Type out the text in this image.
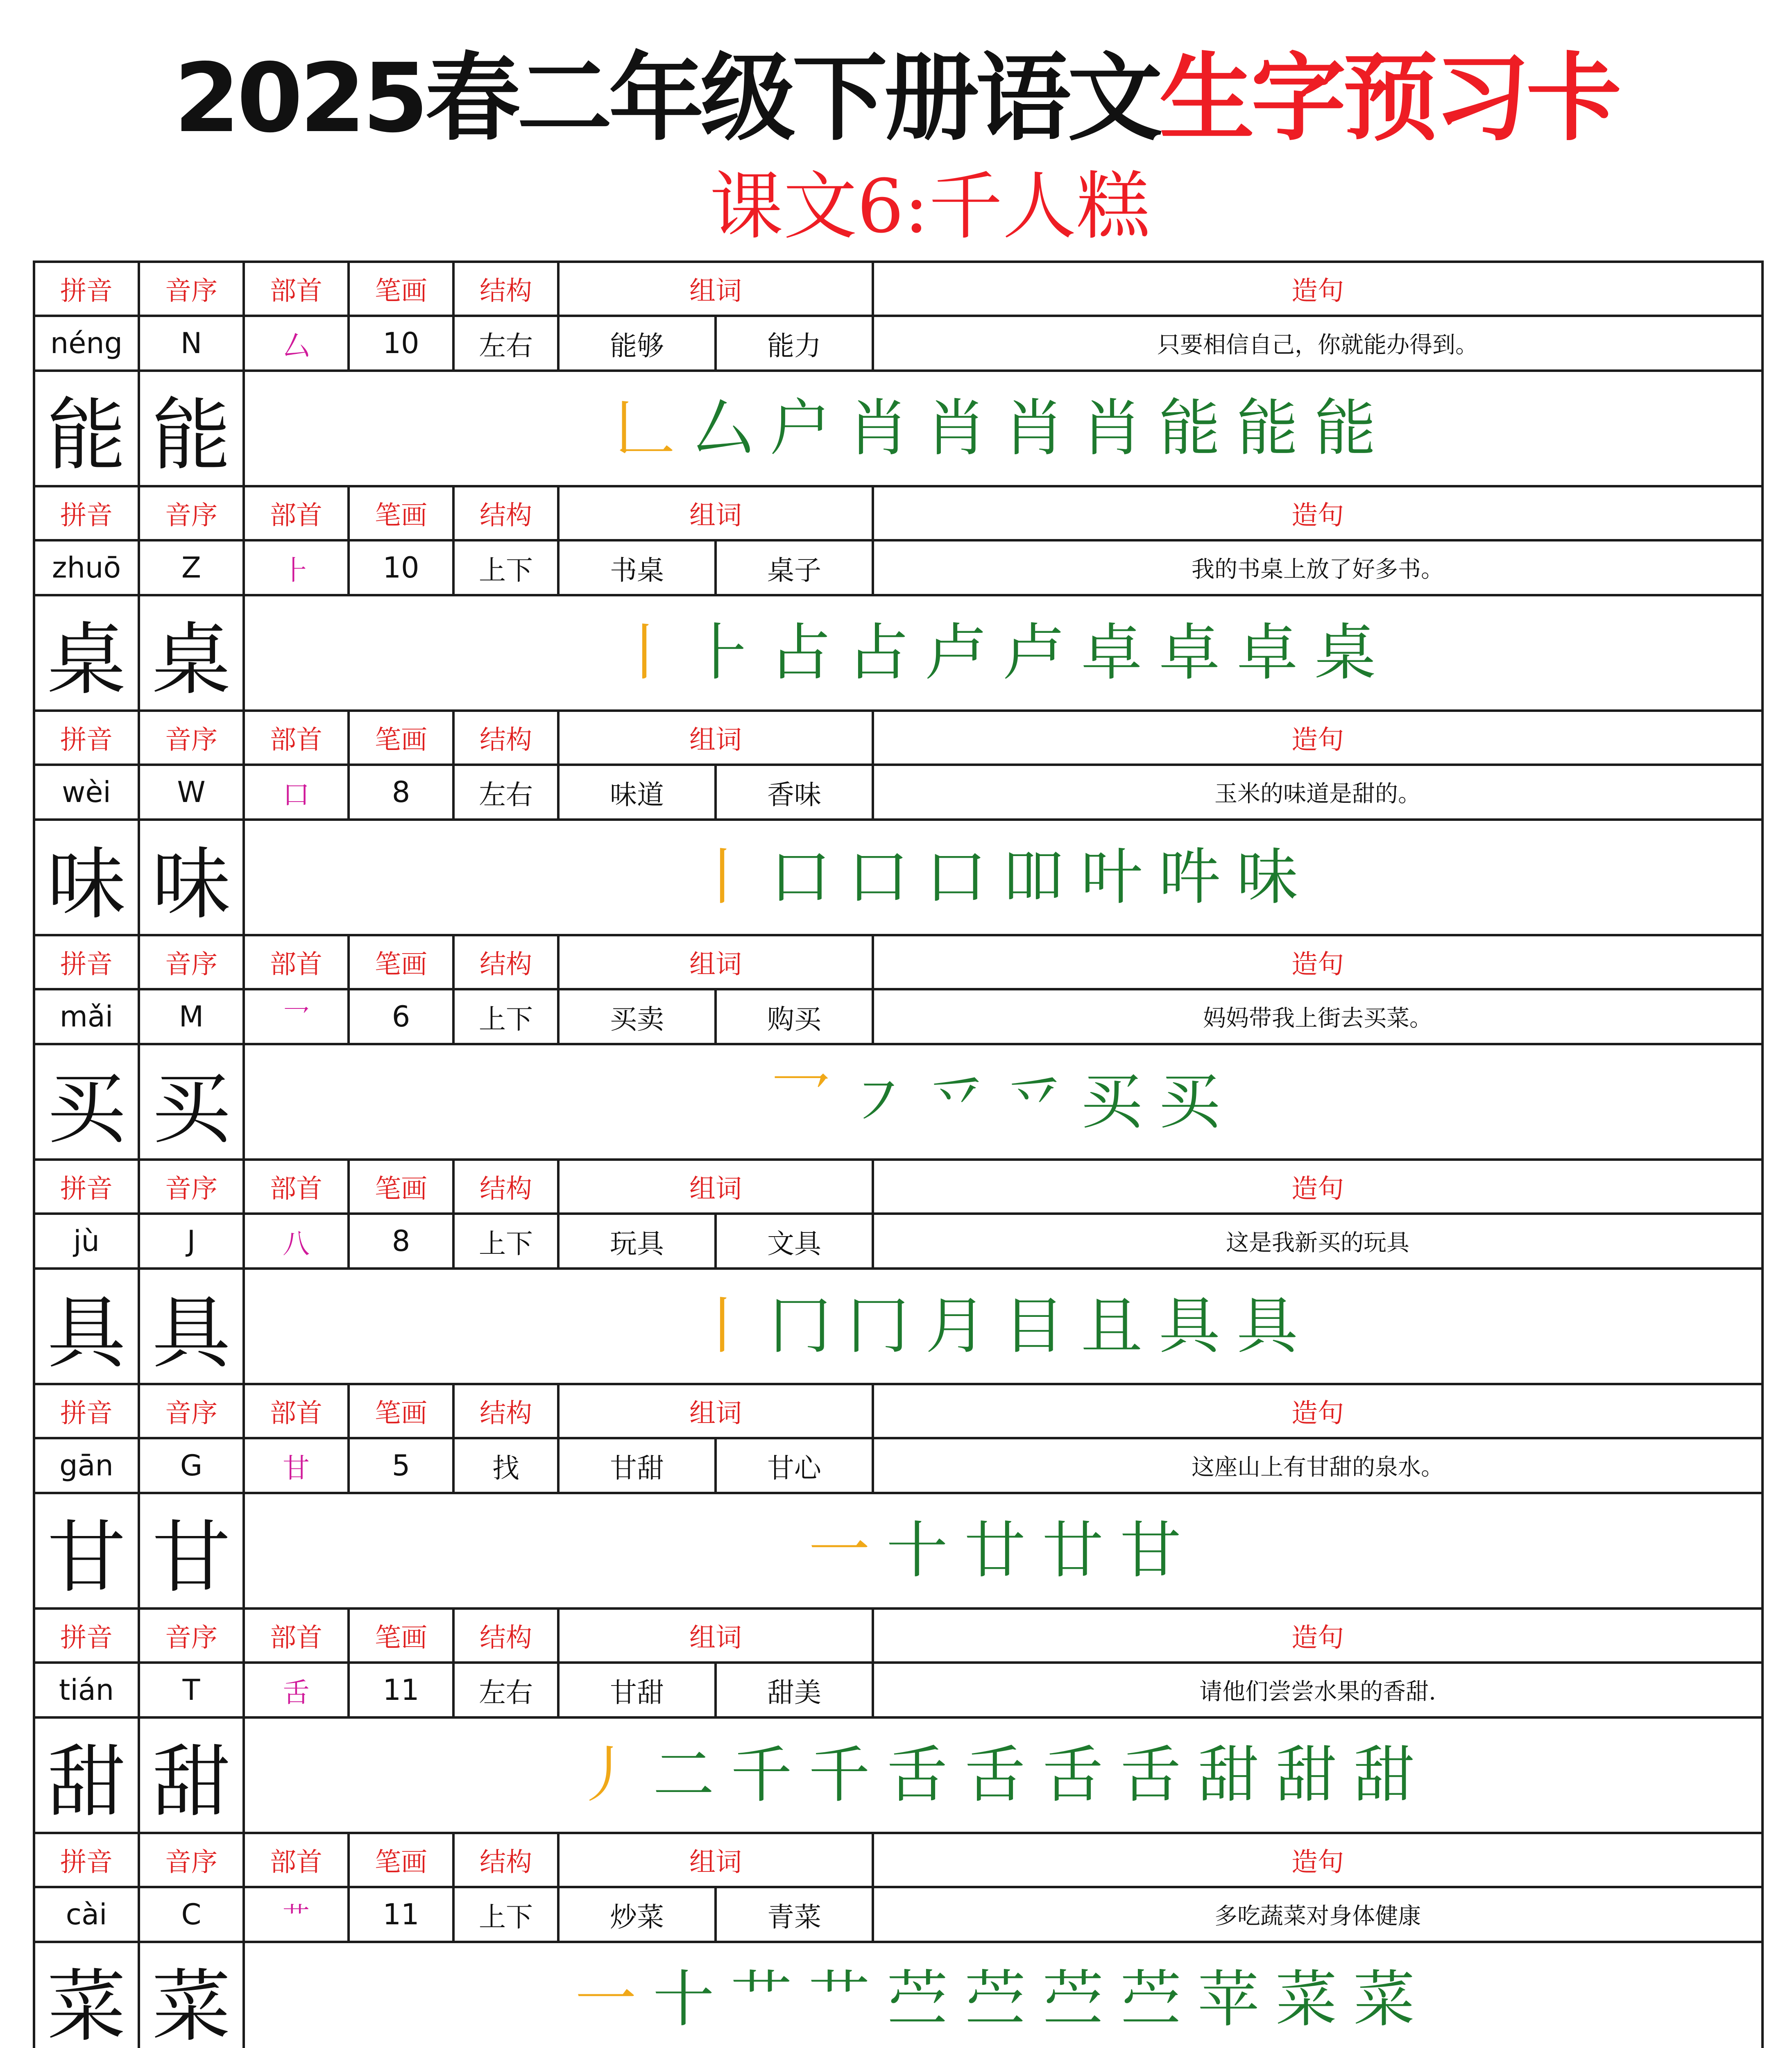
2025春二年级下册语文生字预习卡
课文6:千人糕
拼音	音序	部首	笔画	结构	组词		造句
néng	N	厶	10	左右	能够	能力	只要相信自己，你就能办得到。
能	能	𠃊 厶 户 肖 肖 肖 肖 能 能 能					
拼音	音序	部首	笔画	结构	组词		造句
zhuō	Z	⺊	10	上下	书桌	桌子	我的书桌上放了好多书。
桌	桌	丨 ⺊ 占 占 卢 卢 卓 卓 卓 桌					
拼音	音序	部首	笔画	结构	组词		造句
wèi	W	口	8	左右	味道	香味	玉米的味道是甜的。
味	味	丨 口 口 口 吅 叶 吽 味					
拼音	音序	部首	笔画	结构	组词		造句
mǎi	M	乛	6	上下	买卖	购买	妈妈带我上街去买菜。
买	买	乛 ㇇ 乊 乊 买 买					
拼音	音序	部首	笔画	结构	组词		造句
jù	J	八	8	上下	玩具	文具	这是我新买的玩具
具	具	丨 冂 冂 月 目 且 具 具					
拼音	音序	部首	笔画	结构	组词		造句
gān	G	甘	5	找	甘甜	甘心	这座山上有甘甜的泉水。
甘	甘	一 十 廿 廿 甘					
拼音	音序	部首	笔画	结构	组词		造句
tián	T	舌	11	左右	甘甜	甜美	请他们尝尝水果的香甜.
甜	甜	丿 二 千 千 舌 舌 舌 舌 甜 甜 甜					
拼音	音序	部首	笔画	结构	组词		造句
cài	C	艹	11	上下	炒菜	青菜	多吃蔬菜对身体健康
菜	菜	一 十 艹 艹 苎 苎 苎 苎 苹 菜 菜					
